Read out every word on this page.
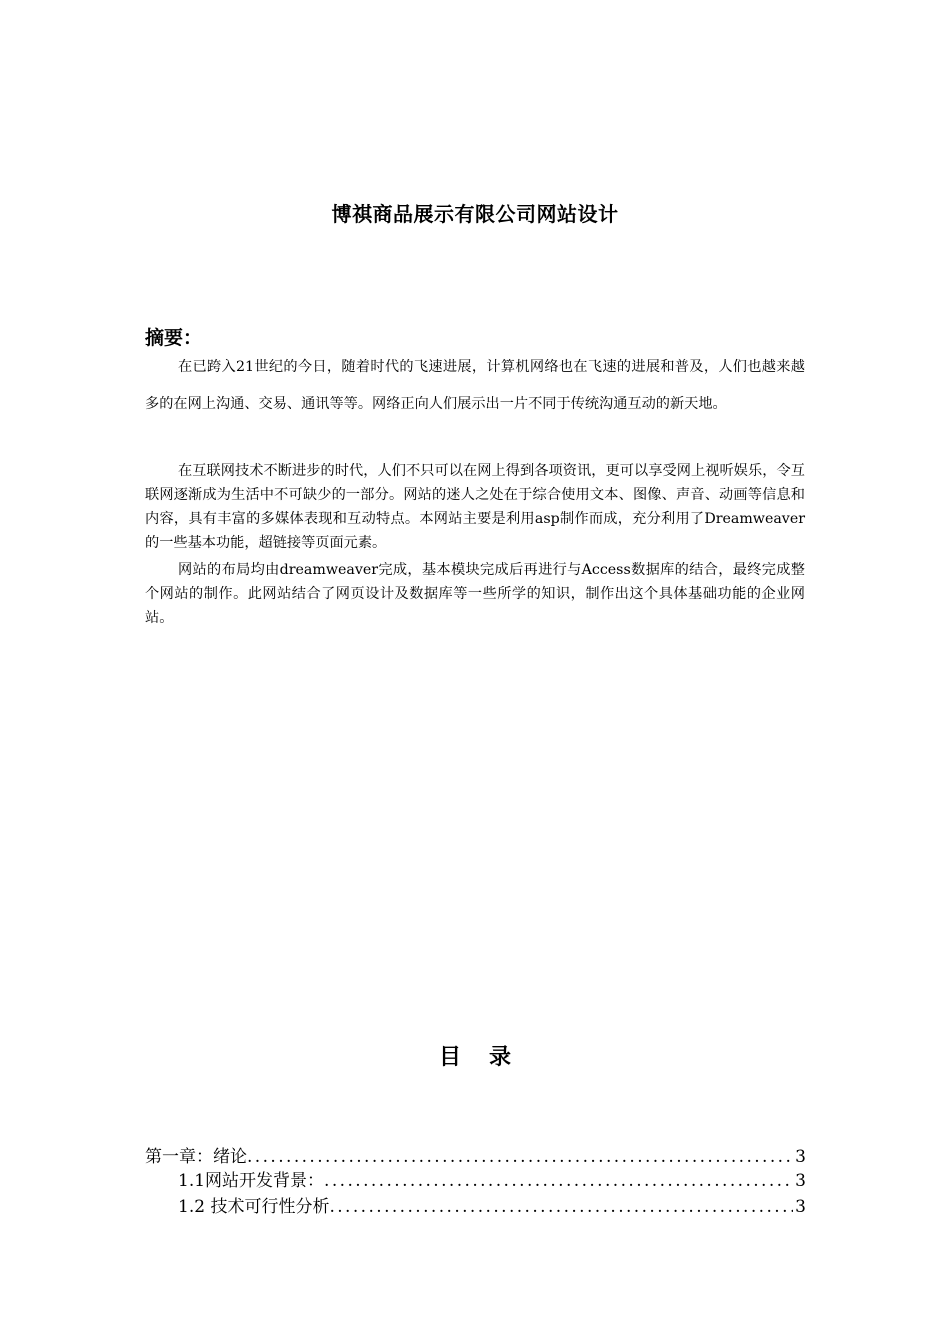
博祺商品展示有限公司网站设计
摘要：

在已跨入21世纪的今日，随着时代的飞速进展，计算机网络也在飞速的进展和普及，人们也越来越多的在网上沟通、交易、通讯等等。网络正向人们展示出一片不同于传统沟通互动的新天地。

在互联网技术不断进步的时代，人们不只可以在网上得到各项资讯，更可以享受网上视听娱乐，令互联网逐渐成为生活中不可缺少的一部分。网站的迷人之处在于综合使用文本、图像、声音、动画等信息和内容，具有丰富的多媒体表现和互动特点。本网站主要是利用asp制作而成，充分利用了Dreamweaver的一些基本功能，超链接等页面元素。

网站的布局均由dreamweaver完成，基本模块完成后再进行与Access数据库的结合，最终完成整个网站的制作。此网站结合了网页设计及数据库等一些所学的知识，制作出这个具体基础功能的企业网站。

目录
第一章：绪论 .....	3
1.1网站开发背景： .....	3
1.2 技术可行性分析 .....	3
